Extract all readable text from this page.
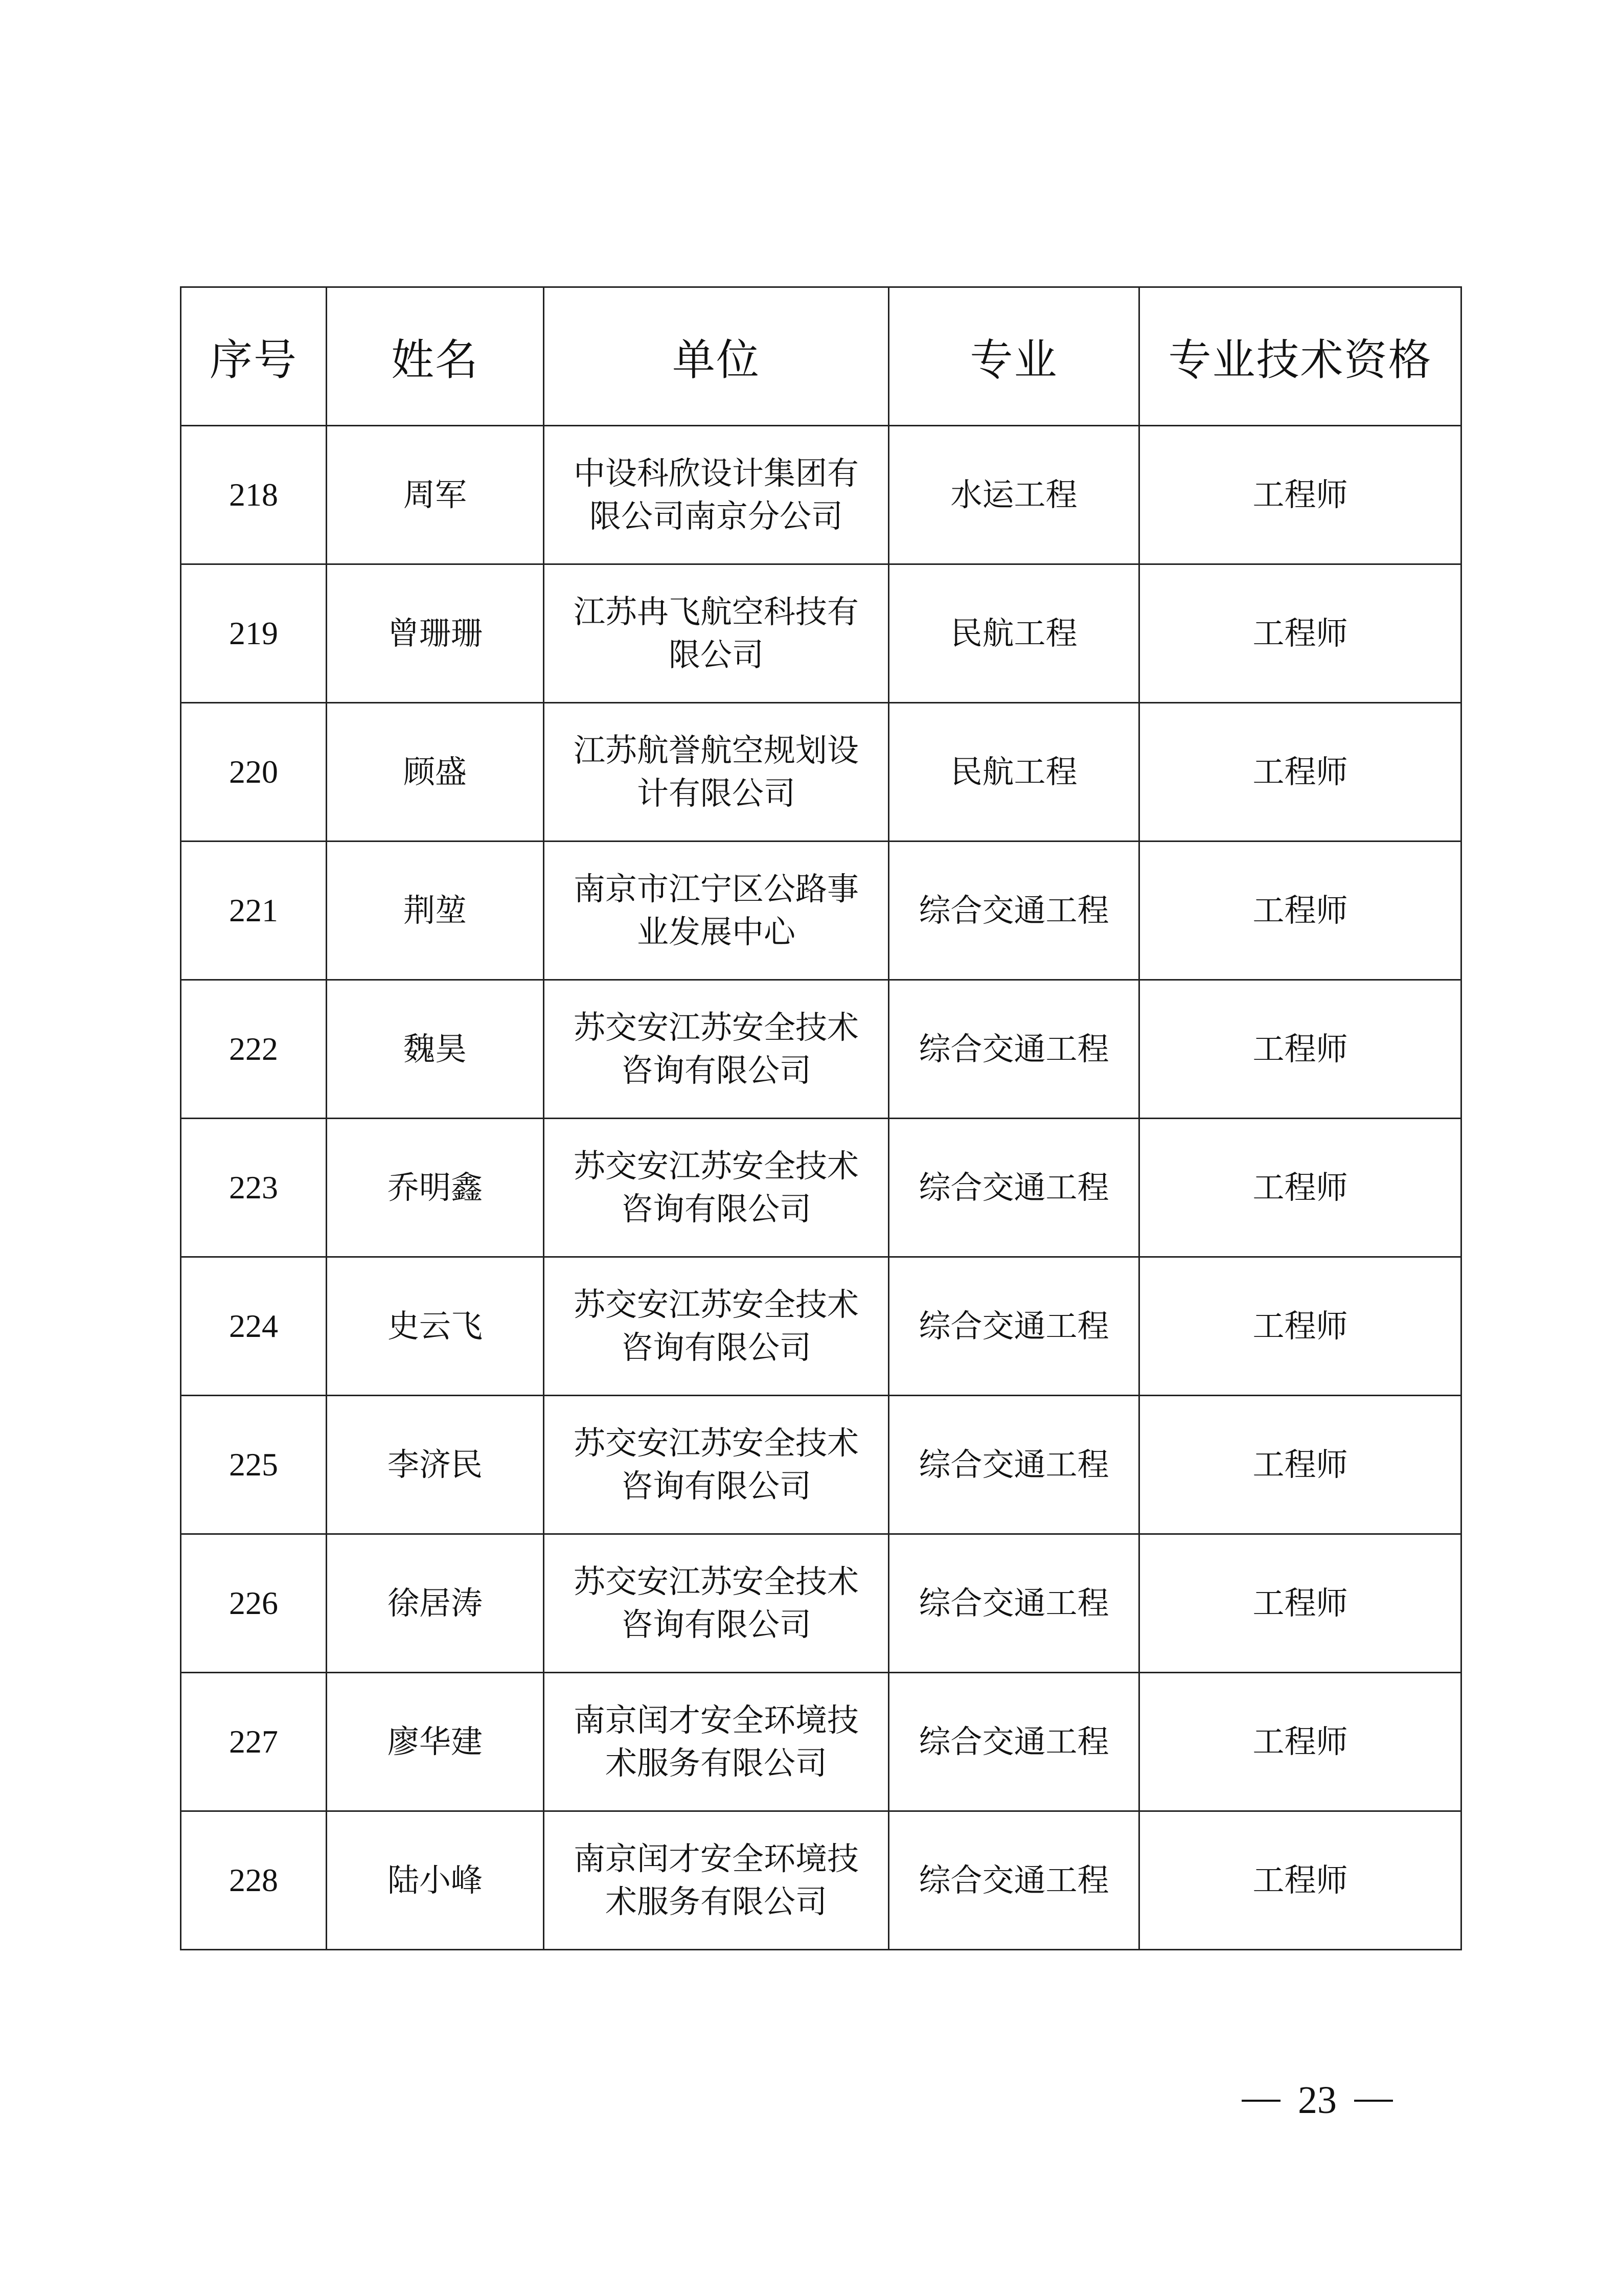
序号	姓名	单位	专业	专业技术资格
218	周军	中设科欣设计集团有限公司南京分公司	水运工程	工程师
219	曾珊珊	江苏冉飞航空科技有限公司	民航工程	工程师
220	顾盛	江苏航誉航空规划设计有限公司	民航工程	工程师
221	荆堃	南京市江宁区公路事业发展中心	综合交通工程	工程师
222	魏昊	苏交安江苏安全技术咨询有限公司	综合交通工程	工程师
223	乔明鑫	苏交安江苏安全技术咨询有限公司	综合交通工程	工程师
224	史云飞	苏交安江苏安全技术咨询有限公司	综合交通工程	工程师
225	李济民	苏交安江苏安全技术咨询有限公司	综合交通工程	工程师
226	徐居涛	苏交安江苏安全技术咨询有限公司	综合交通工程	工程师
227	廖华建	南京闰才安全环境技术服务有限公司	综合交通工程	工程师
228	陆小峰	南京闰才安全环境技术服务有限公司	综合交通工程	工程师
23
